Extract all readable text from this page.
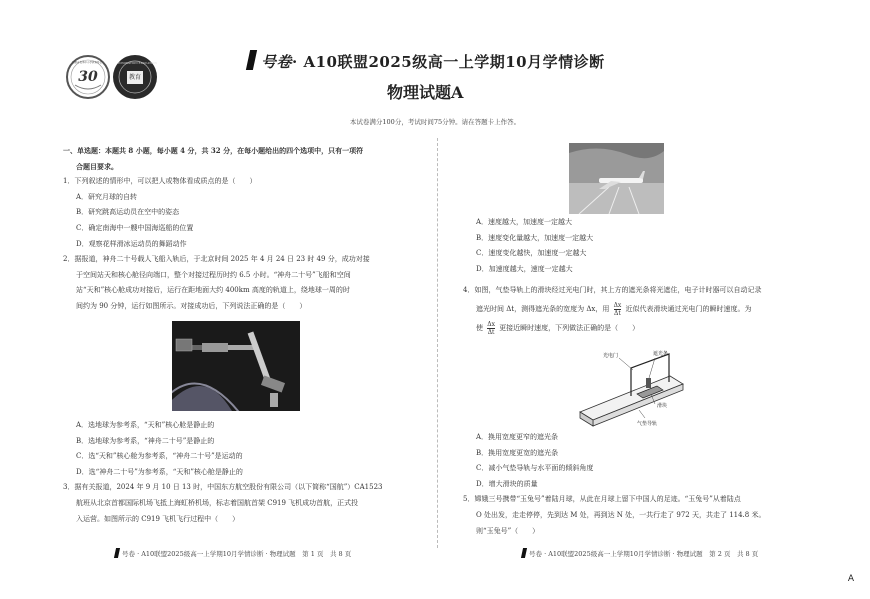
30
安徽省优秀中小学教育协会
教育
INNOVATION EDUCATION	号卷· A10联盟2025级高一上学期10月学情诊断
物理试题A
本试卷满分100分，考试时间75分钟。请在答题卡上作答。

一、单选题：本题共 8 小题，每小题 4 分，共 32 分，在每小题给出的四个选项中，只有一项符

合题目要求。

1．下列叙述的情形中，可以把人或物体看成质点的是（　　）

A．研究月球的自转

B．研究跳高运动员在空中的姿态

C．确定南海中一艘中国海巡船的位置

D．观察花样滑冰运动员的舞蹈动作

2．据报道，神舟二十号载人飞船入轨后，于北京时间 2025 年 4 月 24 日 23 时 49 分，成功对接

于空间站天和核心舱径向端口，整个对接过程历时约 6.5 小时。“神舟二十号”飞船和空间

站“天和”核心舱成功对接后，运行在距地面大约 400km 高度的轨道上，绕地球一周的时

间约为 90 分钟，运行如图所示。对接成功后，下列说法正确的是（　　）

A．选地球为参考系，“天和”核心舱是静止的

B．选地球为参考系，“神舟二十号”是静止的

C．选“天和”核心舱为参考系，“神舟二十号”是运动的

D．选“神舟二十号”为参考系，“天和”核心舱是静止的

3．据有关报道，2024 年 9 月 10 日 13 时，中国东方航空股份有限公司（以下简称“国航”）CA1523

航班从北京首都国际机场飞抵上海虹桥机场，标志着国航首架 C919 飞机成功首航，正式投

入运营。如图所示的 C919 飞机飞行过程中（　　）

号卷 · A10联盟2025级高一上学期10月学情诊断 · 物理试题　第 1 页　共 8 页

A．速度越大，加速度一定越大

B．速度变化量越大，加速度一定越大

C．速度变化越快，加速度一定越大

D．加速度越大，速度一定越大

4．如图，气垫导轨上的滑块经过光电门时，其上方的遮光条将光遮住，电子计时器可以自动记录

遮光时间 Δt，测得遮光条的宽度为 Δx，用 $\frac{\Delta x}{\Delta t}$ 近似代表滑块通过光电门的瞬时速度。为

使 $\frac{\Delta x}{\Delta t}$ 更接近瞬时速度，下列做法正确的是（　　）

光电门	遮光条
滑块
气垫导轨

A．换用宽度更窄的遮光条

B．换用宽度更宽的遮光条

C．减小气垫导轨与水平面的倾斜角度

D．增大滑块的质量

5．嫦娥三号携带“玉兔号”着陆月球，从此在月球上留下中国人的足迹。“玉兔号”从着陆点

O 处出发，走走停停，先到达 M 处，再到达 N 处，一共行走了 972 天，共走了 114.8 米。

则“玉兔号”（　　）

号卷 · A10联盟2025级高一上学期10月学情诊断 · 物理试题　第 2 页　共 8 页
A
